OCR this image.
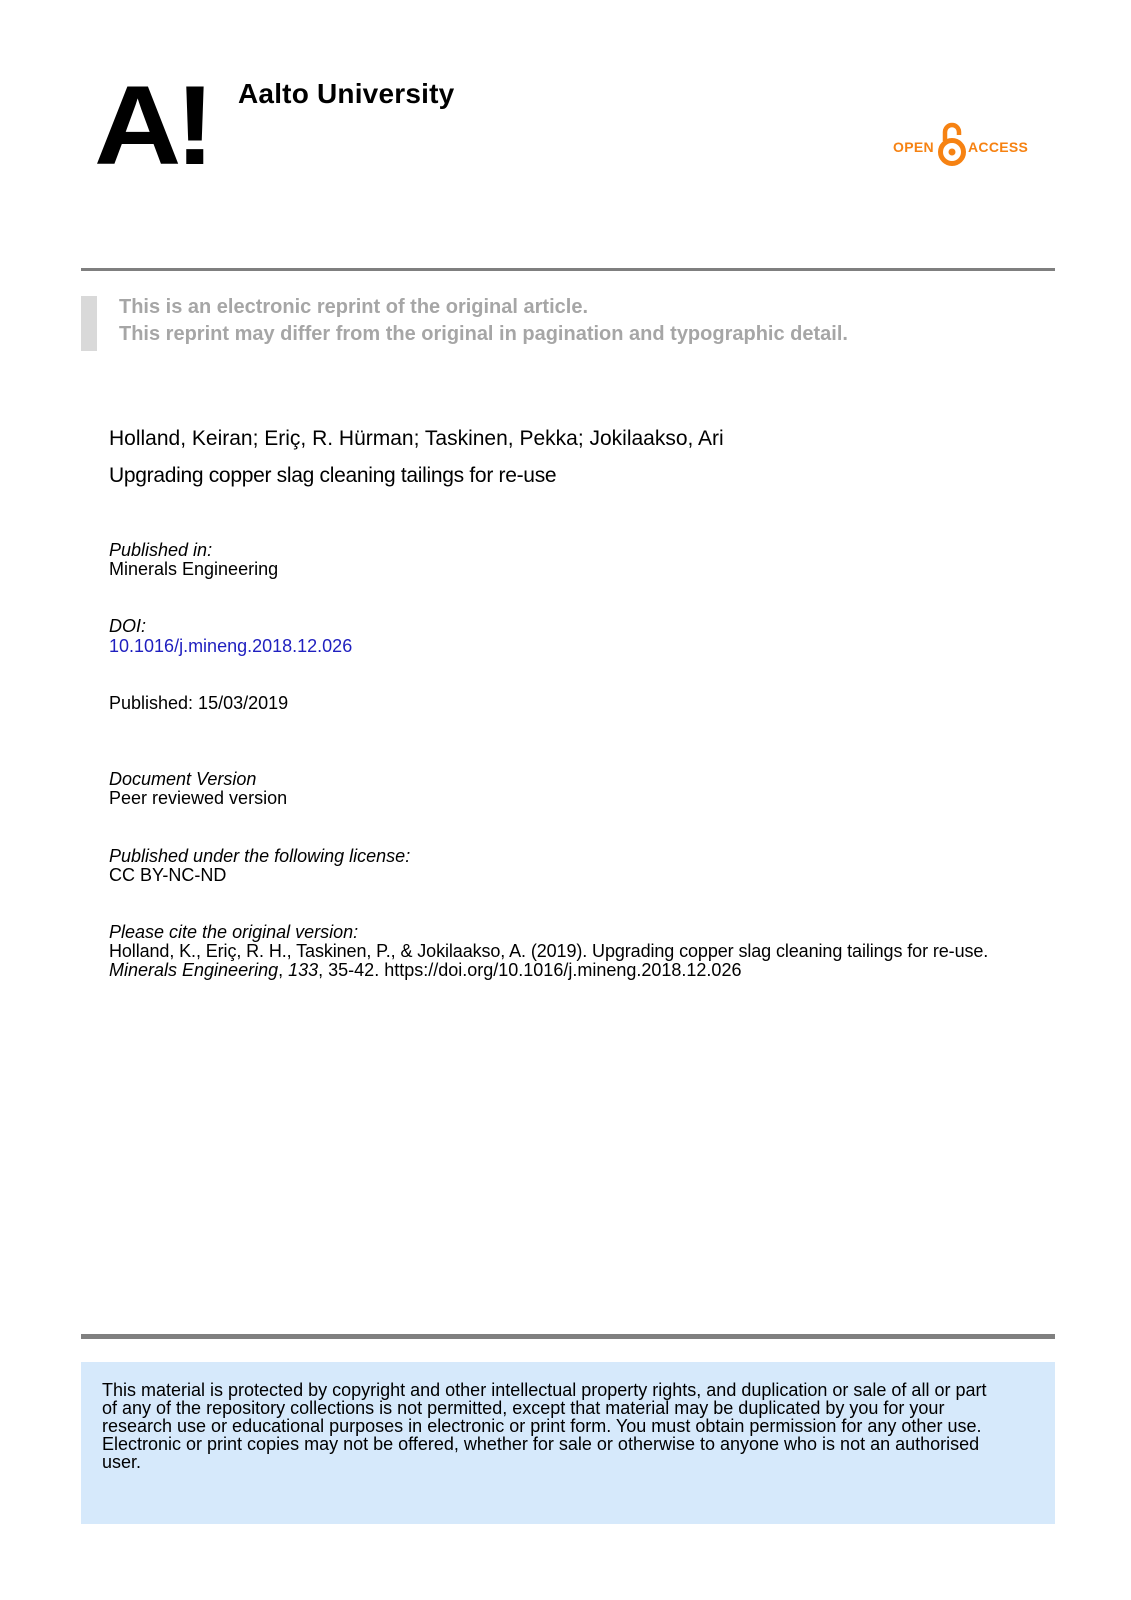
A! Aalto University
OPEN ACCESS
This is an electronic reprint of the original article.
This reprint may differ from the original in pagination and typographic detail.
Holland, Keiran; Eriç, R. Hürman; Taskinen, Pekka; Jokilaakso, Ari
Upgrading copper slag cleaning tailings for re-use
Published in:
Minerals Engineering
DOI:
10.1016/j.mineng.2018.12.026
Published: 15/03/2019
Document Version
Peer reviewed version
Published under the following license:
CC BY-NC-ND
Please cite the original version:
Holland, K., Eriç, R. H., Taskinen, P., & Jokilaakso, A. (2019). Upgrading copper slag cleaning tailings for re-use.
Minerals Engineering, 133, 35-42. https://doi.org/10.1016/j.mineng.2018.12.026
This material is protected by copyright and other intellectual property rights, and duplication or sale of all or part of any of the repository collections is not permitted, except that material may be duplicated by you for your research use or educational purposes in electronic or print form. You must obtain permission for any other use. Electronic or print copies may not be offered, whether for sale or otherwise to anyone who is not an authorised user.
